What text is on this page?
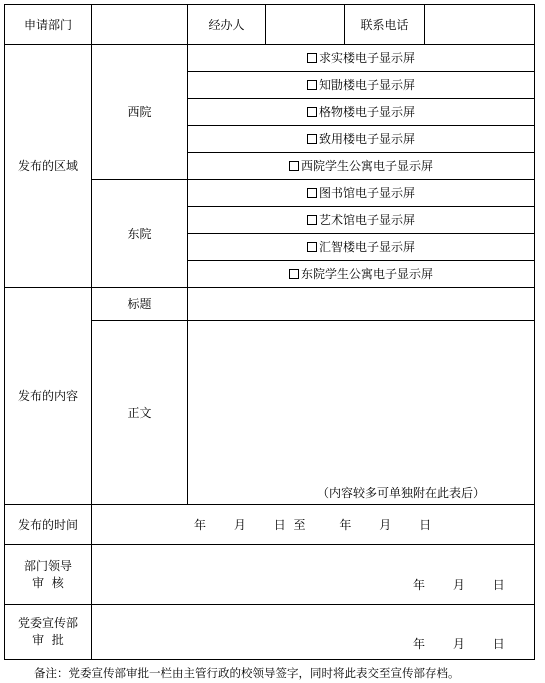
申请部门		经办人		联系电话	
发布的区域	西院	求实楼电子显示屏			
		知勖楼电子显示屏			
		格物楼电子显示屏			
		致用楼电子显示屏			
		西院学生公寓电子显示屏			
	东院	图书馆电子显示屏			
		艺术馆电子显示屏			
		汇智楼电子显示屏			
		东院学生公寓电子显示屏			
发布的内容	标题				
	正文	（内容较多可单独附在此表后）			
发布的时间	年 月 日 至 年 月 日				

部门领导
审  核	年 月 日				

党委宣传部
审  批	年 月 日				
备注：党委宣传部审批一栏由主管行政的校领导签字，同时将此表交至宣传部存档。
